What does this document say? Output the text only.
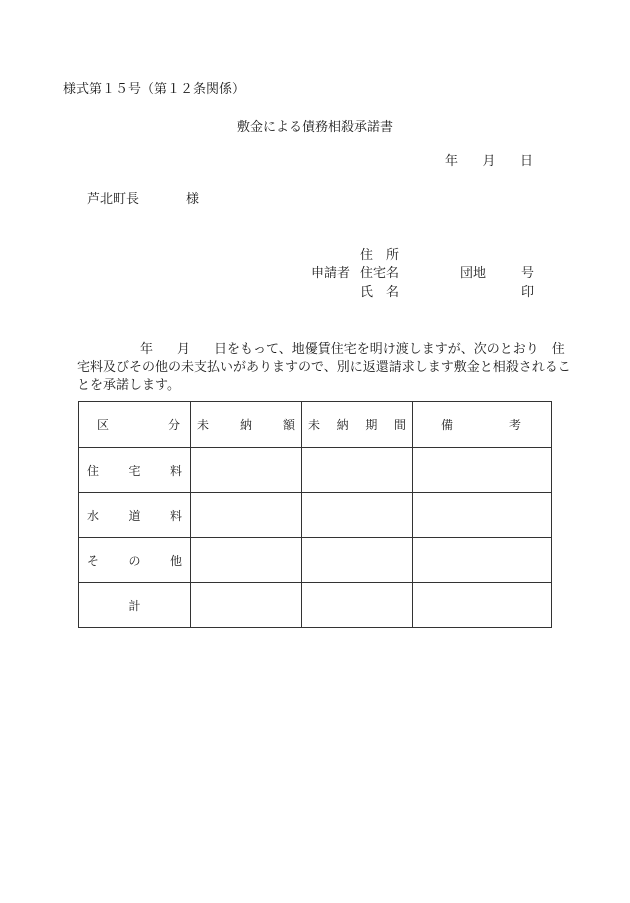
様式第１５号（第１２条関係）
敷金による債務相殺承諾書
年 月 日
芦北町長	様
住　所
申請者 住宅名	団地	号
氏　名	印
年 月 日をもって、地優賃住宅を明け渡しますが、次のとおり　住
宅料及びその他の未支払いがありますので、別に返還請求します敷金と相殺されるこ
とを承諾します。
区 分	未 納 額	未 納 期 間	備 考

住 宅 料			

水 道 料			

そ の 他			

計			
